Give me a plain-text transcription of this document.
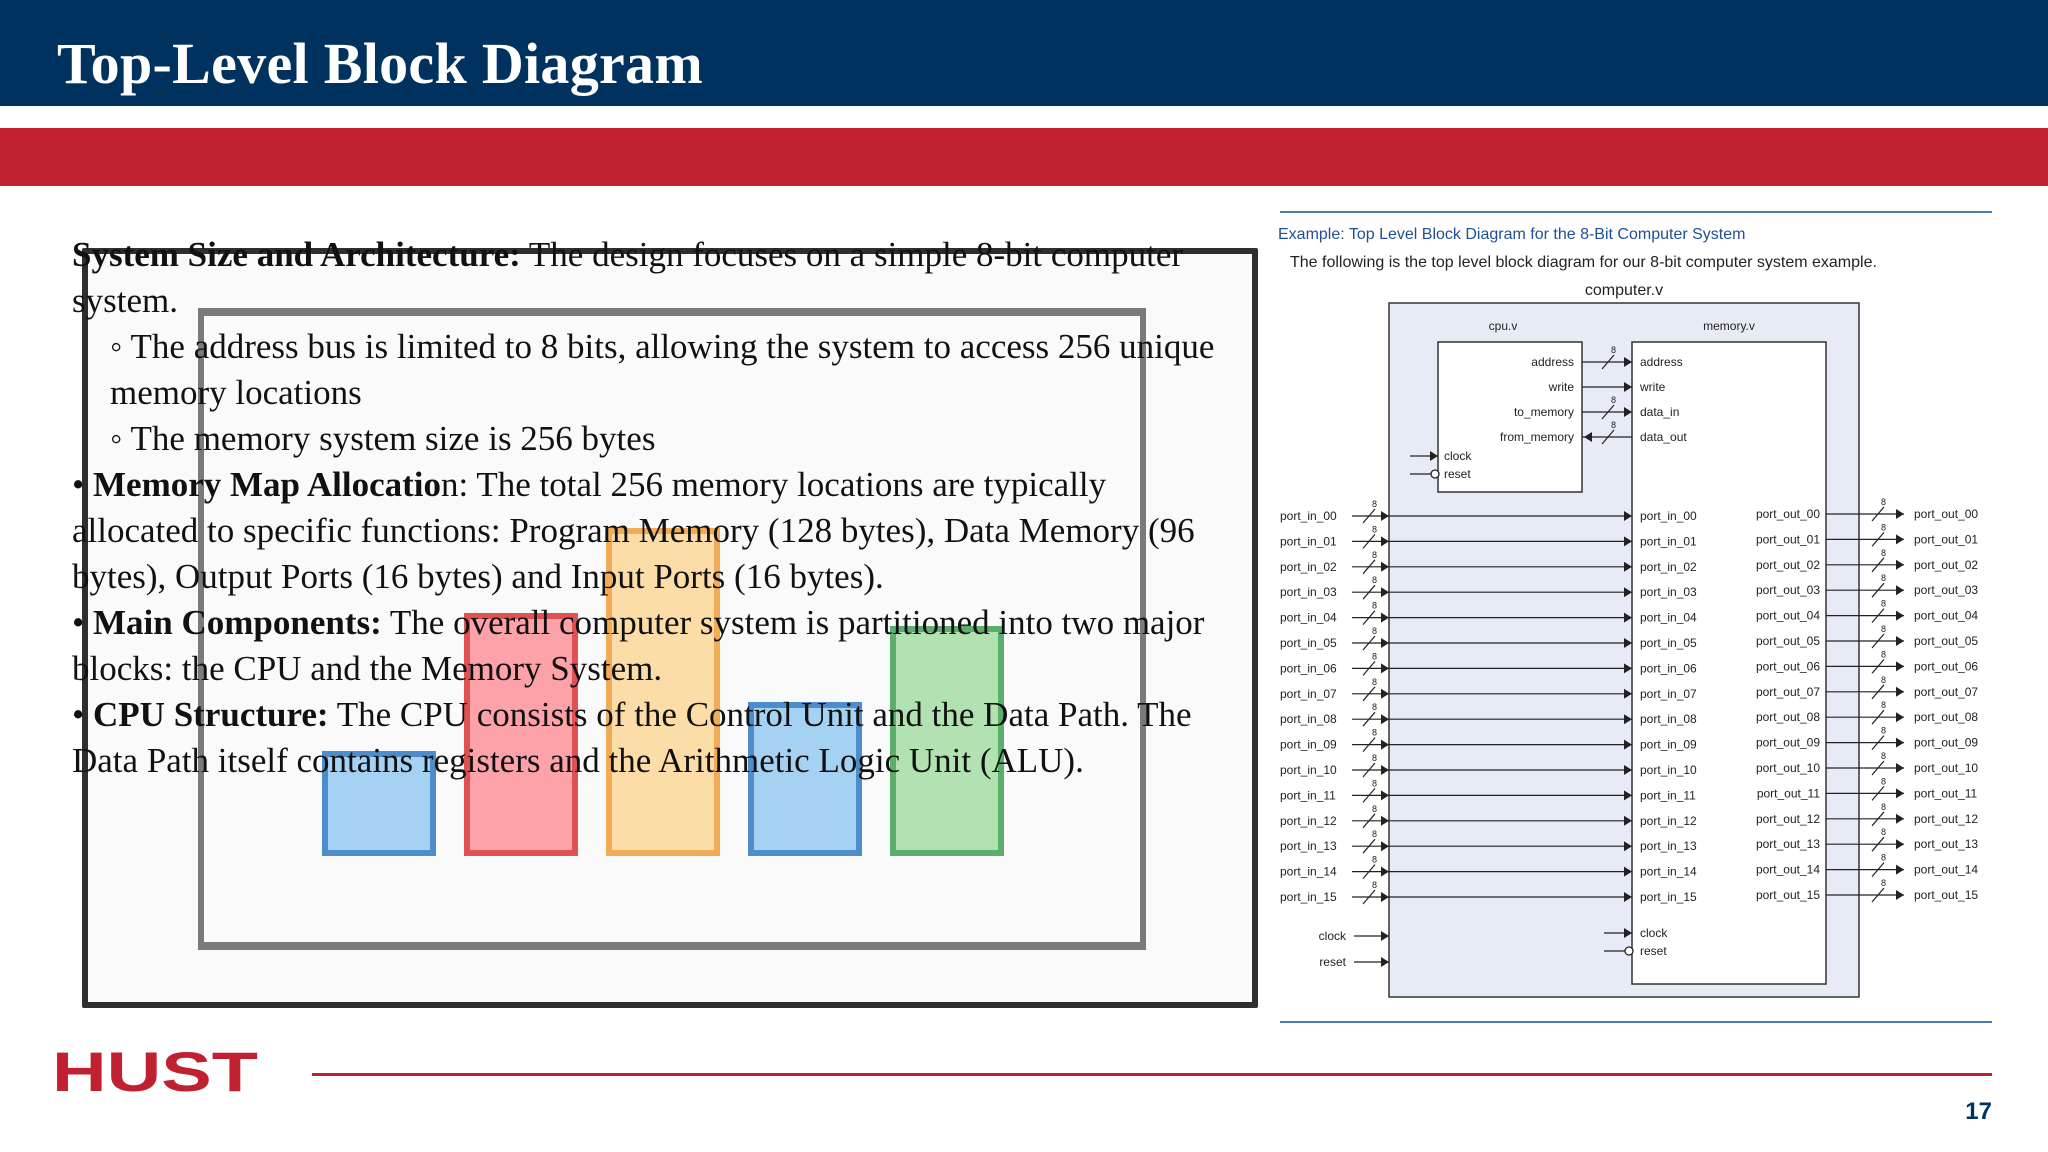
Top-Level Block Diagram

System Size and Architecture: The design focuses on a simple 8-bit computer system.

◦ The address bus is limited to 8 bits, allowing the system to access 256 unique memory locations

◦ The memory system size is 256 bytes

• Memory Map Allocation: The total 256 memory locations are typically allocated to specific functions: Program Memory (128 bytes), Data Memory (96 bytes), Output Ports (16 bytes) and Input Ports (16 bytes).

• Main Components: The overall computer system is partitioned into two major blocks: the CPU and the Memory System.

• CPU Structure: The CPU consists of the Control Unit and the Data Path. The Data Path itself contains registers and the Arithmetic Logic Unit (ALU).

Example: Top Level Block Diagram for the 8-Bit Computer System
The following is the top level block diagram for our 8-bit computer system example.
computer.v
cpu.v	memory.v
address	address
8
write	write
to_memory	data_in
8
from_memory	data_out
8
clock
reset
port_in_00
8
port_in_00
port_in_01
8
port_in_01
port_in_02
8
port_in_02
port_in_03
8
port_in_03
port_in_04
8
port_in_04
port_in_05
8
port_in_05
port_in_06
8
port_in_06
port_in_07
8
port_in_07
port_in_08
8
port_in_08
port_in_09
8
port_in_09
port_in_10
8
port_in_10
port_in_11
8
port_in_11
port_in_12
8
port_in_12
port_in_13
8
port_in_13
port_in_14
8
port_in_14
port_in_15
8
port_in_15
port_out_00
8
port_out_00
port_out_01
8
port_out_01
port_out_02
8
port_out_02
port_out_03
8
port_out_03
port_out_04
8
port_out_04
port_out_05
8
port_out_05
port_out_06
8
port_out_06
port_out_07
8
port_out_07
port_out_08
8
port_out_08
port_out_09
8
port_out_09
port_out_10
8
port_out_10
port_out_11
8
port_out_11
port_out_12
8
port_out_12
port_out_13
8
port_out_13
port_out_14
8
port_out_14
port_out_15
8
port_out_15
clock
reset
clock
reset
HUST
17
